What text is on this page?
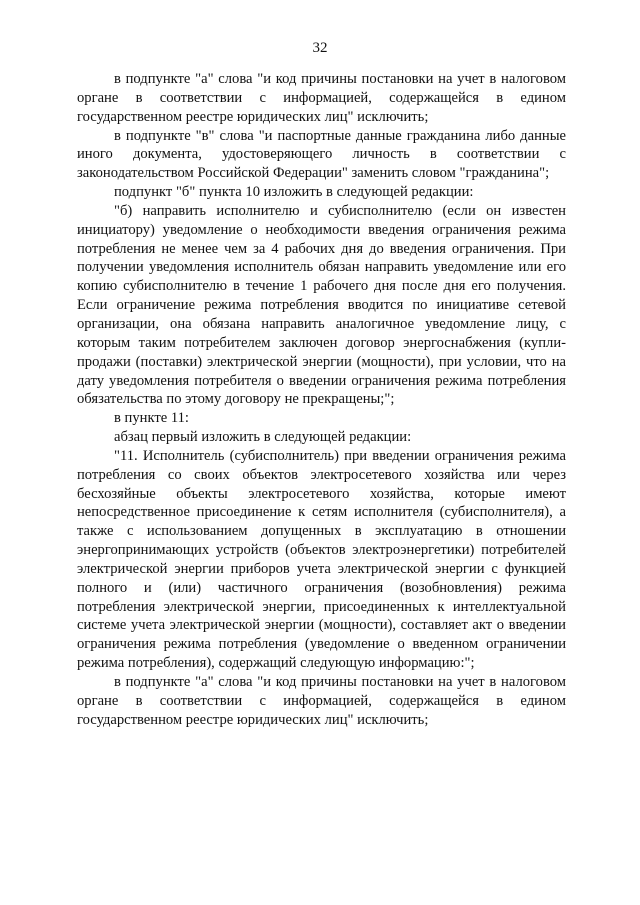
32

в подпункте "а" слова "и код причины постановки на учет в налоговом органе в соответствии с информацией, содержащейся в едином государственном реестре юридических лиц" исключить;

в подпункте "в" слова "и паспортные данные гражданина либо данные иного документа, удостоверяющего личность в соответствии с законодательством Российской Федерации" заменить словом "гражданина";

подпункт "б" пункта 10 изложить в следующей редакции:

"б) направить исполнителю и субисполнителю (если он известен инициатору) уведомление о необходимости введения ограничения режима потребления не менее чем за 4 рабочих дня до введения ограничения. При получении уведомления исполнитель обязан направить уведомление или его копию субисполнителю в течение 1 рабочего дня после дня его получения. Если ограничение режима потребления вводится по инициативе сетевой организации, она обязана направить аналогичное уведомление лицу, с которым таким потребителем заключен договор энергоснабжения (купли-продажи (поставки) электрической энергии (мощности), при условии, что на дату уведомления потребителя о введении ограничения режима потребления обязательства по этому договору не прекращены;";

в пункте 11:

абзац первый изложить в следующей редакции:

"11. Исполнитель (субисполнитель) при введении ограничения режима потребления со своих объектов электросетевого хозяйства или через бесхозяйные объекты электросетевого хозяйства, которые имеют непосредственное присоединение к сетям исполнителя (субисполнителя), а также с использованием допущенных в эксплуатацию в отношении энергопринимающих устройств (объектов электроэнергетики) потребителей электрической энергии приборов учета электрической энергии с функцией полного и (или) частичного ограничения (возобновления) режима потребления электрической энергии, присоединенных к интеллектуальной системе учета электрической энергии (мощности), составляет акт о введении ограничения режима потребления (уведомление о введенном ограничении режима потребления), содержащий следующую информацию:";

в подпункте "а" слова "и код причины постановки на учет в налоговом органе в соответствии с информацией, содержащейся в едином государственном реестре юридических лиц" исключить;
